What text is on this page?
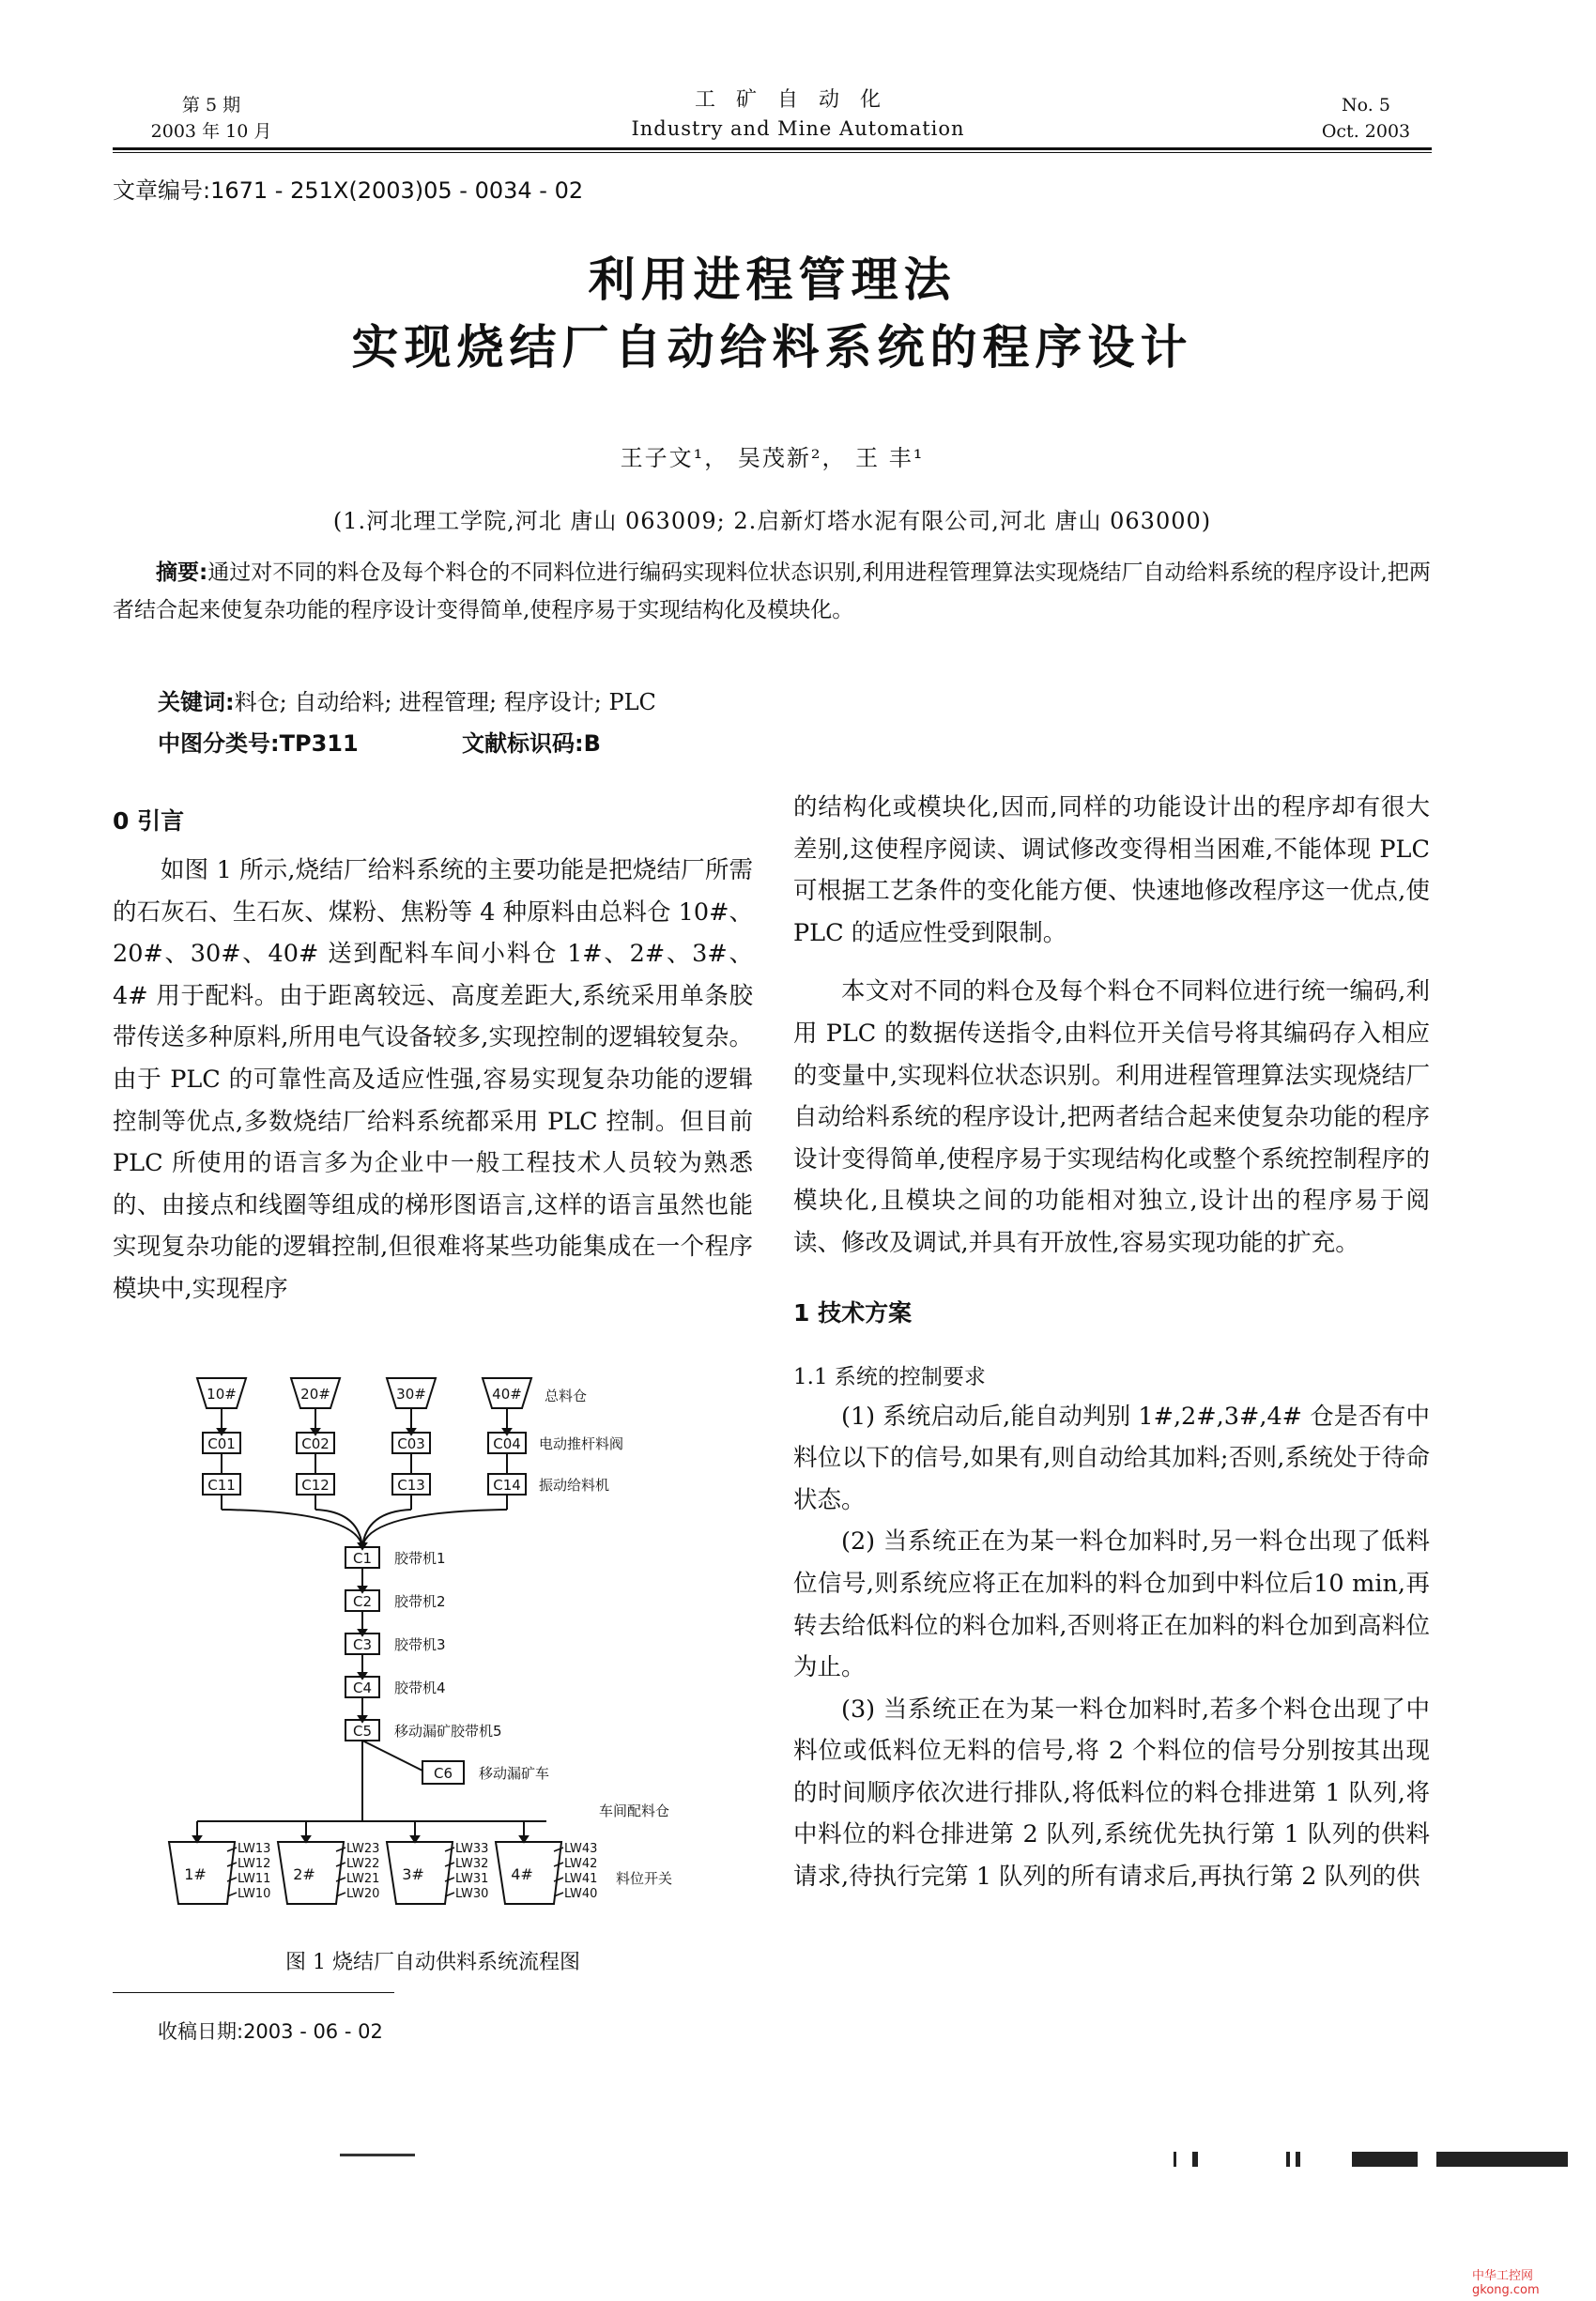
第 5 期
2003 年 10 月
工矿自动化
Industry and Mine Automation
No. 5
Oct. 2003
文章编号:1671 - 251X(2003)05 - 0034 - 02
利用进程管理法
实现烧结厂自动给料系统的程序设计
王子文¹， 吴茂新²， 王 丰¹
(1.河北理工学院,河北 唐山 063009; 2.启新灯塔水泥有限公司,河北 唐山 063000)
摘要:通过对不同的料仓及每个料仓的不同料位进行编码实现料位状态识别,利用进程管理算法实现烧结厂自动给料系统的程序设计,把两者结合起来使复杂功能的程序设计变得简单,使程序易于实现结构化及模块化。
关键词:料仓; 自动给料; 进程管理; 程序设计; PLC
中图分类号:TP311	文献标识码:B
0 引言

如图 1 所示,烧结厂给料系统的主要功能是把烧结厂所需的石灰石、生石灰、煤粉、焦粉等 4 种原料由总料仓 10#、20#、30#、40# 送到配料车间小料仓 1#、2#、3#、4# 用于配料。由于距离较远、高度差距大,系统采用单条胶带传送多种原料,所用电气设备较多,实现控制的逻辑较复杂。由于 PLC 的可靠性高及适应性强,容易实现复杂功能的逻辑控制等优点,多数烧结厂给料系统都采用 PLC 控制。但目前 PLC 所使用的语言多为企业中一般工程技术人员较为熟悉的、由接点和线圈等组成的梯形图语言,这样的语言虽然也能实现复杂功能的逻辑控制,但很难将某些功能集成在一个程序模块中,实现程序

10#	20#	30#	40#
C01	C02	C03	C04
C11	C12	C13	C14
C1
C2
C3
C4
C5
C6
1#	2#	3#	4#
总料仓
电动推杆料阀
振动给料机
胶带机1
胶带机2
胶带机3
胶带机4
移动漏矿胶带机5
移动漏矿车
车间配料仓
料位开关
LW13
LW12
LW11
LW10
LW23
LW22
LW21
LW20
LW33
LW32
LW31
LW30
LW43
LW42
LW41
LW40
图 1 烧结厂自动供料系统流程图
收稿日期:2003 - 06 - 02

的结构化或模块化,因而,同样的功能设计出的程序却有很大差别,这使程序阅读、调试修改变得相当困难,不能体现 PLC 可根据工艺条件的变化能方便、快速地修改程序这一优点,使 PLC 的适应性受到限制。

本文对不同的料仓及每个料仓不同料位进行统一编码,利用 PLC 的数据传送指令,由料位开关信号将其编码存入相应的变量中,实现料位状态识别。利用进程管理算法实现烧结厂自动给料系统的程序设计,把两者结合起来使复杂功能的程序设计变得简单,使程序易于实现结构化或整个系统控制程序的模块化,且模块之间的功能相对独立,设计出的程序易于阅读、修改及调试,并具有开放性,容易实现功能的扩充。

1 技术方案
1.1 系统的控制要求

(1) 系统启动后,能自动判别 1#,2#,3#,4# 仓是否有中料位以下的信号,如果有,则自动给其加料;否则,系统处于待命状态。

(2) 当系统正在为某一料仓加料时,另一料仓出现了低料位信号,则系统应将正在加料的料仓加到中料位后10 min,再转去给低料位的料仓加料,否则将正在加料的料仓加到高料位为止。

(3) 当系统正在为某一料仓加料时,若多个料仓出现了中料位或低料位无料的信号,将 2 个料位的信号分别按其出现的时间顺序依次进行排队,将低料位的料仓排进第 1 队列,将中料位的料仓排进第 2 队列,系统优先执行第 1 队列的供料请求,待执行完第 1 队列的所有请求后,再执行第 2 队列的供

中华工控网 gkong.com
